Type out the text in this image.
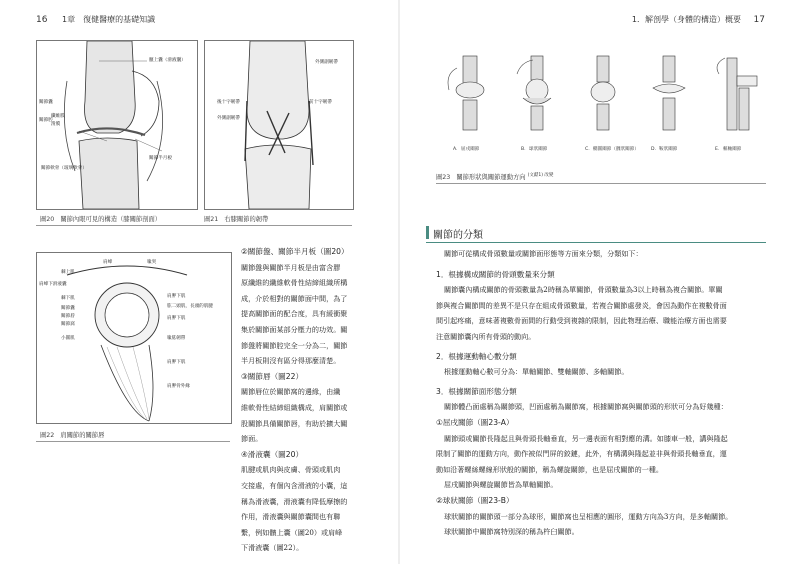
16 1章　復健醫療的基礎知識
髕上囊（滑液囊）
關節囊
纖維膜
滑膜
關節腔
關節軟骨（玻璃軟骨）
關節半月板
外側副韌帶
後十字韌帶	前十字韌帶
外側副韌帶
圖20 關節內眼可見的構造（膝關節剖面）	圖21 右膝關節的韌帶
肩峰	喙突
棘上肌
肩峰下滑液囊
棘下肌
關節囊
關節唇
關節窩
小圓肌
肩胛下肌
肱二頭肌，長頭的肌腱
肩胛下肌
喙肱韌帶
肩胛下肌
肩胛骨外緣
圖22 肩關節的關節唇

②關節盤、關節半月板（圖20）

關節盤與關節半月板是由富含膠

原纖維的纖維軟骨性結締組織所構

成，介於相對的關節面中間，為了

提高關節面的配合度，具有緩衝聚

集於關節面某部分壓力的功效。關

節盤將關節腔完全一分為二，關節

半月板則沒有區分得那麼清楚。

③關節唇（圖22）

關節唇位於關節窩的邊緣，由纖

維軟骨性結締組織構成，肩關節或

股關節具備關節唇，有助於擴大關

節面。

④滑液囊（圖20）

肌腱或肌肉與皮膚、骨頭或肌肉

交接處，有個內含滑液的小囊，這

稱為滑液囊，滑液囊有降低摩擦的

作用，滑液囊與關節囊間也有聯

繫，例如髕上囊（圖20）或肩峰

下滑液囊（圖22）。

1．解剖學（身體的構造）概要 17
A. 屈戌關節	B. 球狀關節	C. 橢圓關節（髁狀關節）	D. 鞍狀關節	E. 樞軸關節
圖23 關節形狀與關節運動方向 $^{(文獻1) 改變}$
關節的分類

關節可從構成骨頭數量或關節面形態等方面來分類，分類如下：

1．根據構成關節的骨頭數量來分類

關節囊內構成關節的骨頭數量為2時稱為單關節，骨頭數量為3以上時稱為複合關節。單關

節與複合關節間的差異不是只存在組成骨頭數量，若複合關節處發炎，會因為動作在複數骨面

間引起疼痛，意味著複數骨面間的行動受到複雜的限制，因此物理治療、職能治療方面也需要

注意關節囊內所有骨頭的動向。

2．根據運動軸心數分類

根據運動軸心數可分為：單軸關節、雙軸關節、多軸關節。

3．根據關節面形態分類

關節體凸面處稱為關節頭，凹面處稱為關節窩，根據關節窩與關節頭的形狀可分為好幾種：

①屈戌關節（圖23-A）

關節頭或關節長隆起且與骨頭長軸垂直，另一邊表面有相對應的溝。如膝車一般，講與隆起

限制了關節的運動方向，動作被似門屏的鉸鏈，此外，有構溝與隆起並非與骨頭長軸垂直，運

動如沿著螺絲螺線形狀般的關節，稱為螺旋關節，也是屈戌關節的一種。

屈戌關節與螺旋關節皆為單軸關節。

②球狀關節（圖23-B）

球狀關節的關節頭一部分為球形，關節窩也呈相應的圓形，運動方向為3方向，是多軸關節。

球狀關節中關節窩特別深的稱為杵臼關節。
